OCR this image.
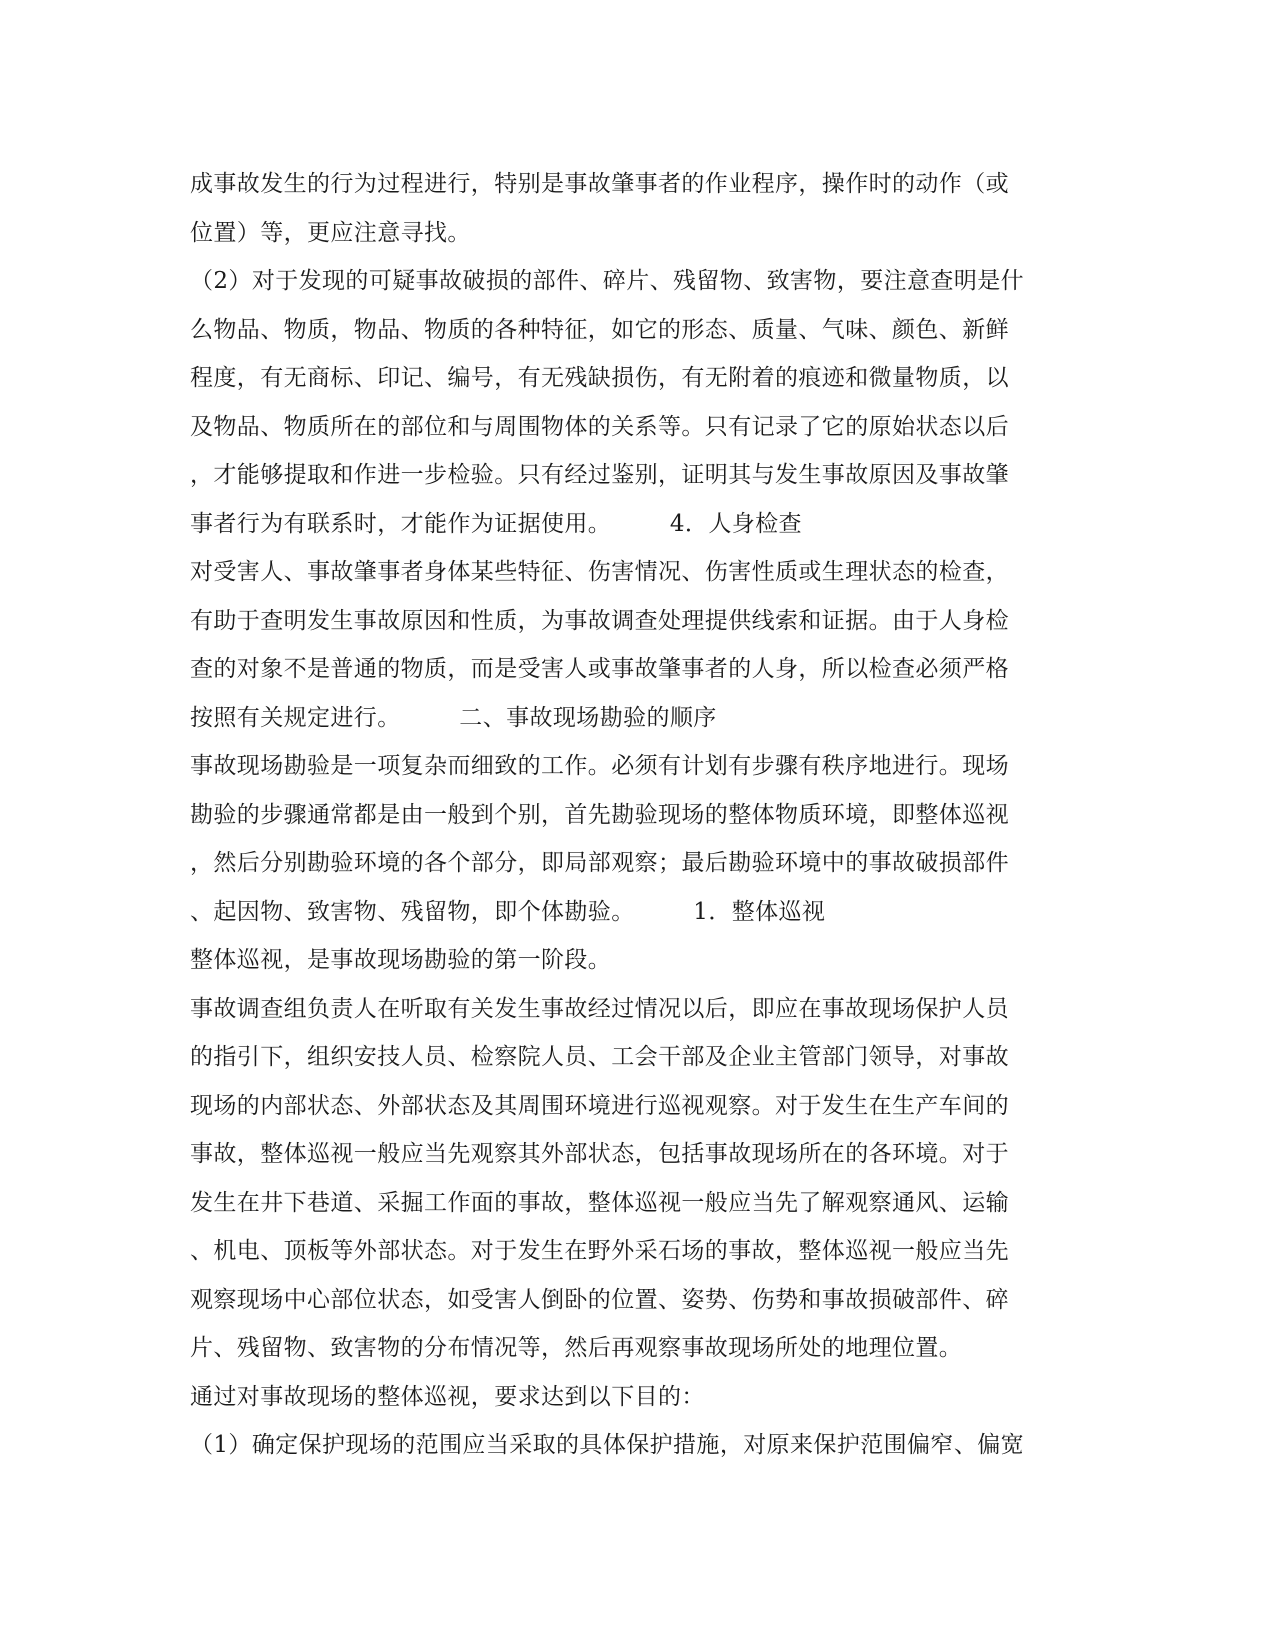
成事故发生的行为过程进行，特别是事故肇事者的作业程序，操作时的动作（或
位置）等，更应注意寻找。
（2）对于发现的可疑事故破损的部件、碎片、残留物、致害物，要注意查明是什
么物品、物质，物品、物质的各种特征，如它的形态、质量、气味、颜色、新鲜
程度，有无商标、印记、编号，有无残缺损伤，有无附着的痕迹和微量物质，以
及物品、物质所在的部位和与周围物体的关系等。只有记录了它的原始状态以后
，才能够提取和作进一步检验。只有经过鉴别，证明其与发生事故原因及事故肇
事者行为有联系时，才能作为证据使用。　　　4．人身检查
对受害人、事故肇事者身体某些特征、伤害情况、伤害性质或生理状态的检查，
有助于查明发生事故原因和性质，为事故调查处理提供线索和证据。由于人身检
查的对象不是普通的物质，而是受害人或事故肇事者的人身，所以检查必须严格
按照有关规定进行。　　　二、事故现场勘验的顺序
事故现场勘验是一项复杂而细致的工作。必须有计划有步骤有秩序地进行。现场
勘验的步骤通常都是由一般到个别，首先勘验现场的整体物质环境，即整体巡视
，然后分别勘验环境的各个部分，即局部观察；最后勘验环境中的事故破损部件
、起因物、致害物、残留物，即个体勘验。　　　1．整体巡视
整体巡视，是事故现场勘验的第一阶段。
事故调查组负责人在听取有关发生事故经过情况以后，即应在事故现场保护人员
的指引下，组织安技人员、检察院人员、工会干部及企业主管部门领导，对事故
现场的内部状态、外部状态及其周围环境进行巡视观察。对于发生在生产车间的
事故，整体巡视一般应当先观察其外部状态，包括事故现场所在的各环境。对于
发生在井下巷道、采掘工作面的事故，整体巡视一般应当先了解观察通风、运输
、机电、顶板等外部状态。对于发生在野外采石场的事故，整体巡视一般应当先
观察现场中心部位状态，如受害人倒卧的位置、姿势、伤势和事故损破部件、碎
片、残留物、致害物的分布情况等，然后再观察事故现场所处的地理位置。
通过对事故现场的整体巡视，要求达到以下目的：
（1）确定保护现场的范围应当采取的具体保护措施，对原来保护范围偏窄、偏宽
